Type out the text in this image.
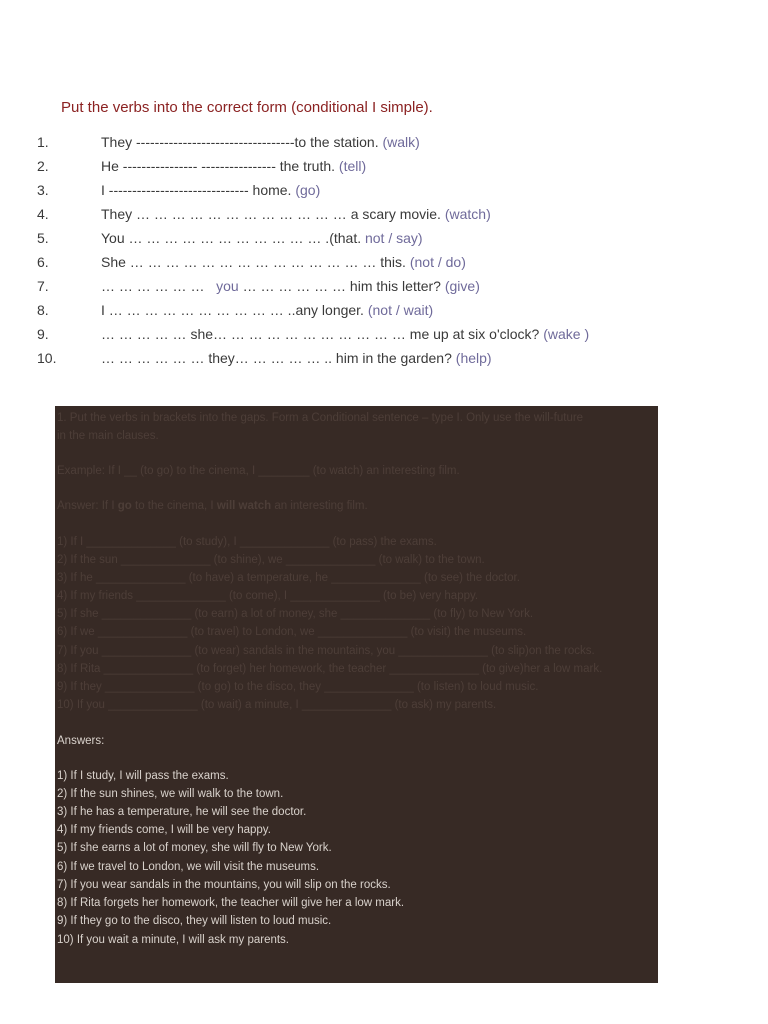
Put the verbs into the correct form (conditional I simple).
1.	They ----------------------------------to the station. (walk)
2.	He ---------------- ---------------- the truth. (tell)
3.	I ------------------------------ home. (go)
4.	They … … … … … … … … … … … … a scary movie. (watch)
5.	You … … … … … … … … … … … .(that. not / say)
6.	She … … … … … … … … … … … … … … this. (not / do)
7.	… … … … … … you … … … … … … him this letter? (give)
8.	I … … … … … … … … … … ..any longer. (not / wait)
9.	… … … … … she… … … … … … … … … … … me up at six o'clock? (wake )
10.	… … … … … … they… … … … … .. him in the garden? (help)
1. Put the verbs in brackets into the gaps. Form a Conditional sentence – type I. Only use the will-future
in the main clauses.
Example: If I __ (to go) to the cinema, I ________ (to watch) an interesting film.
Answer: If I go to the cinema, I will watch an interesting film.
1) If I ______________ (to study), I ______________ (to pass) the exams.
2) If the sun ______________ (to shine), we ______________ (to walk) to the town.
3) If he ______________ (to have) a temperature, he ______________ (to see) the doctor.
4) If my friends ______________ (to come), I ______________ (to be) very happy.
5) If she ______________ (to earn) a lot of money, she ______________ (to fly) to New York.
6) If we ______________ (to travel) to London, we ______________ (to visit) the museums.
7) If you ______________ (to wear) sandals in the mountains, you ______________ (to slip)on the rocks.
8) If Rita ______________ (to forget) her homework, the teacher ______________ (to give)her a low mark.
9) If they ______________ (to go) to the disco, they ______________ (to listen) to loud music.
10) If you ______________ (to wait) a minute, I ______________ (to ask) my parents.
Answers:
1) If I study, I will pass the exams.
2) If the sun shines, we will walk to the town.
3) If he has a temperature, he will see the doctor.
4) If my friends come, I will be very happy.
5) If she earns a lot of money, she will fly to New York.
6) If we travel to London, we will visit the museums.
7) If you wear sandals in the mountains, you will slip on the rocks.
8) If Rita forgets her homework, the teacher will give her a low mark.
9) If they go to the disco, they will listen to loud music.
10) If you wait a minute, I will ask my parents.
